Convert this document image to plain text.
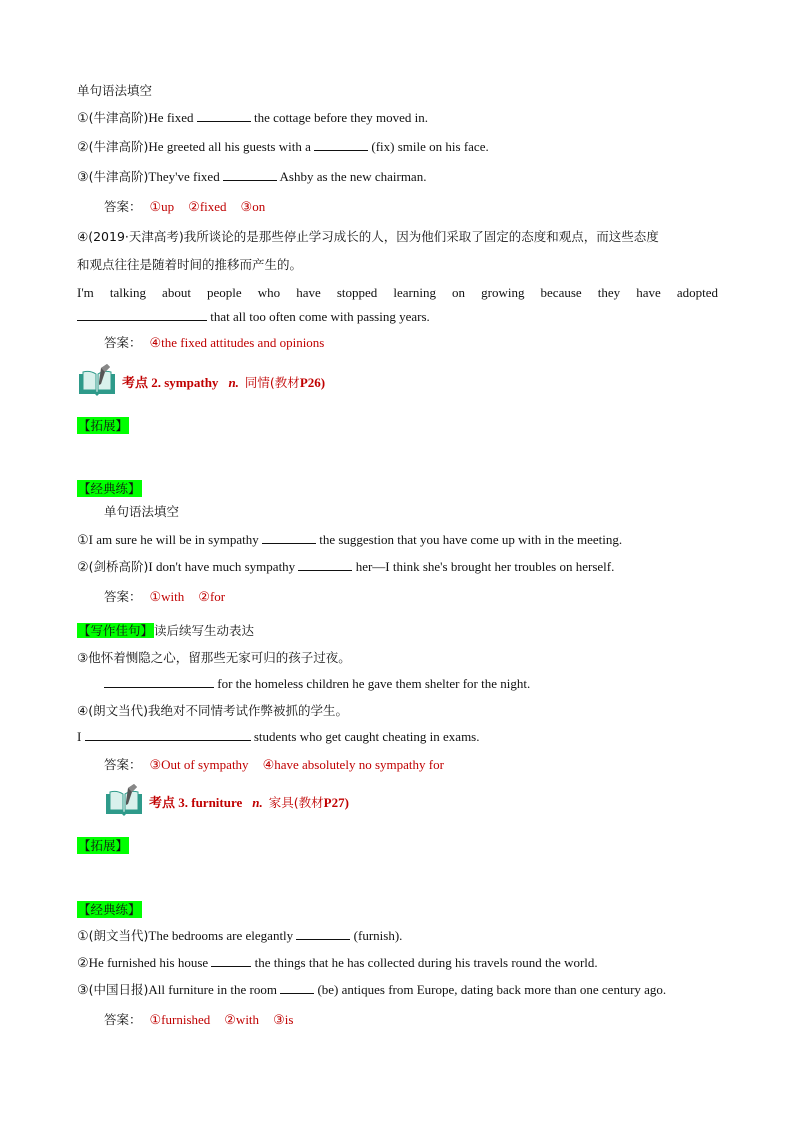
单句语法填空
①(牛津高阶)He fixed	the cottage before they moved in.
②(牛津高阶)He greeted all his guests with a	(fix) smile on his face.
③(牛津高阶)They've fixed	Ashby as the new chairman.
答案： ①up ②fixed ③on
④(2019·天津高考)我所谈论的是那些停止学习成长的人，因为他们采取了固定的态度和观点，而这些态度
和观点往往是随着时间的推移而产生的。
I'm talking about people who have stopped learning on growing because they have adopted
that all too often come with passing years.
答案： ④the fixed attitudes and opinions
考点 2. sympathy n. 同情(教材P26)
【拓展】
【经典练】
单句语法填空
①I am sure he will be in sympathy	the suggestion that you have come up with in the meeting.
②(剑桥高阶)I don't have much sympathy	her—I think she's brought her troubles on herself.
答案： ①with ②for
【写作佳句】读后续写生动表达
③他怀着恻隐之心，留那些无家可归的孩子过夜。
for the homeless children he gave them shelter for the night.
④(朗文当代)我绝对不同情考试作弊被抓的学生。
I	students who get caught cheating in exams.
答案： ③Out of sympathy ④have absolutely no sympathy for
考点 3. furniture n. 家具(教材P27)
【拓展】
【经典练】
①(朗文当代)The bedrooms are elegantly	(furnish).
②He furnished his house	the things that he has collected during his travels round the world.
③(中国日报)All furniture in the room	(be) antiques from Europe, dating back more than one century ago.
答案： ①furnished ②with ③is
